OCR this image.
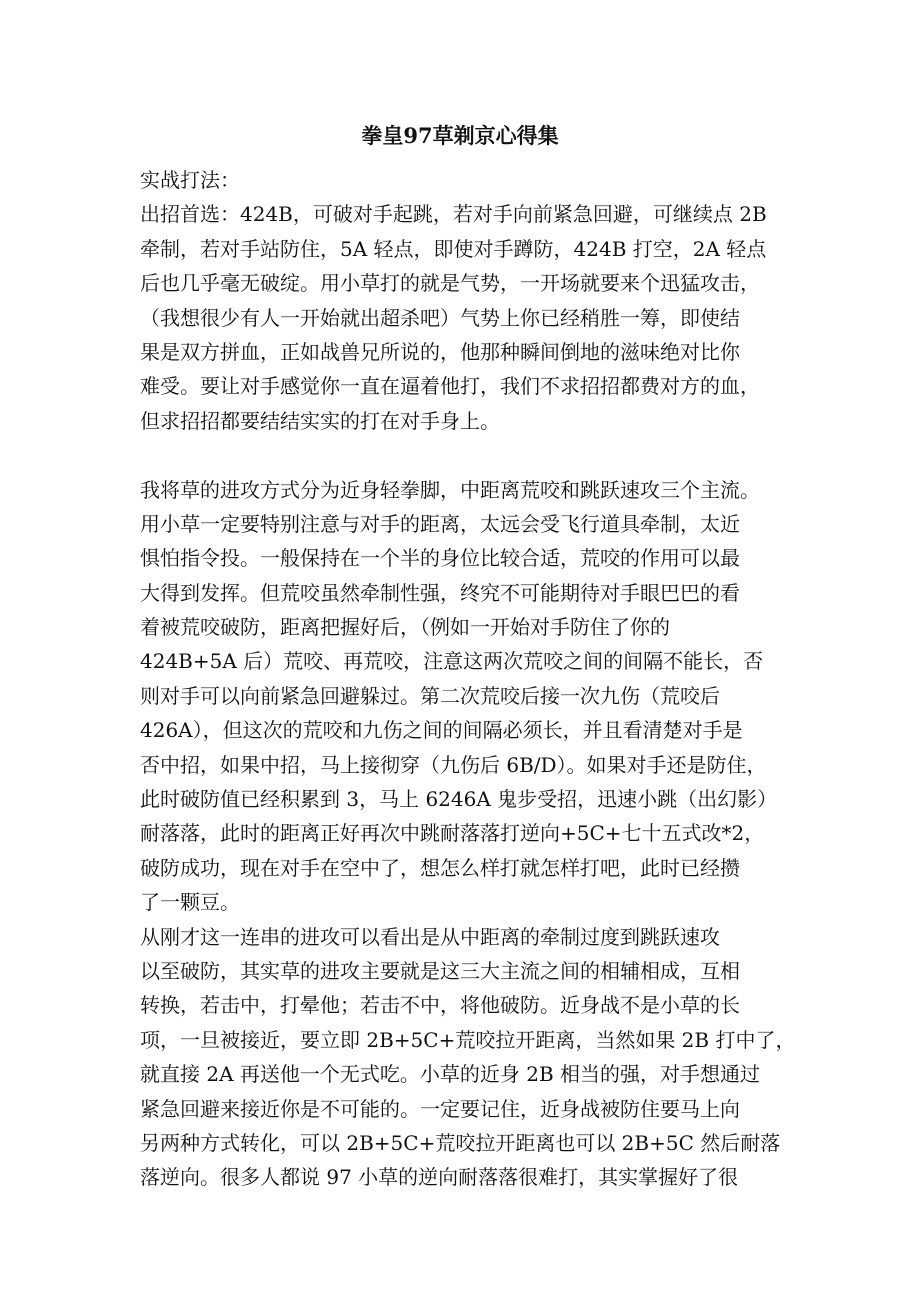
拳皇97草剃京心得集
实战打法：
出招首选：424B，可破对手起跳，若对手向前紧急回避，可继续点 2B
牵制，若对手站防住，5A 轻点，即使对手蹲防，424B 打空，2A 轻点
后也几乎毫无破绽。用小草打的就是气势，一开场就要来个迅猛攻击，
（我想很少有人一开始就出超杀吧）气势上你已经稍胜一筹，即使结
果是双方拼血，正如战兽兄所说的，他那种瞬间倒地的滋味绝对比你
难受。要让对手感觉你一直在逼着他打，我们不求招招都费对方的血，
但求招招都要结结实实的打在对手身上。
我将草的进攻方式分为近身轻拳脚，中距离荒咬和跳跃速攻三个主流。
用小草一定要特别注意与对手的距离，太远会受飞行道具牵制，太近
惧怕指令投。一般保持在一个半的身位比较合适，荒咬的作用可以最
大得到发挥。但荒咬虽然牵制性强，终究不可能期待对手眼巴巴的看
着被荒咬破防，距离把握好后，（例如一开始对手防住了你的
424B+5A 后）荒咬、再荒咬，注意这两次荒咬之间的间隔不能长，否
则对手可以向前紧急回避躲过。第二次荒咬后接一次九伤（荒咬后
426A），但这次的荒咬和九伤之间的间隔必须长，并且看清楚对手是
否中招，如果中招，马上接彻穿（九伤后 6B/D）。如果对手还是防住，
此时破防值已经积累到 3，马上 6246A 鬼步受招，迅速小跳（出幻影）
耐落落，此时的距离正好再次中跳耐落落打逆向+5C+七十五式改*2，
破防成功，现在对手在空中了，想怎么样打就怎样打吧，此时已经攒
了一颗豆。
从刚才这一连串的进攻可以看出是从中距离的牵制过度到跳跃速攻
以至破防，其实草的进攻主要就是这三大主流之间的相辅相成，互相
转换，若击中，打晕他；若击不中，将他破防。近身战不是小草的长
项，一旦被接近，要立即 2B+5C+荒咬拉开距离，当然如果 2B 打中了，
就直接 2A 再送他一个无式吃。小草的近身 2B 相当的强，对手想通过
紧急回避来接近你是不可能的。一定要记住，近身战被防住要马上向
另两种方式转化，可以 2B+5C+荒咬拉开距离也可以 2B+5C 然后耐落
落逆向。很多人都说 97 小草的逆向耐落落很难打，其实掌握好了很
